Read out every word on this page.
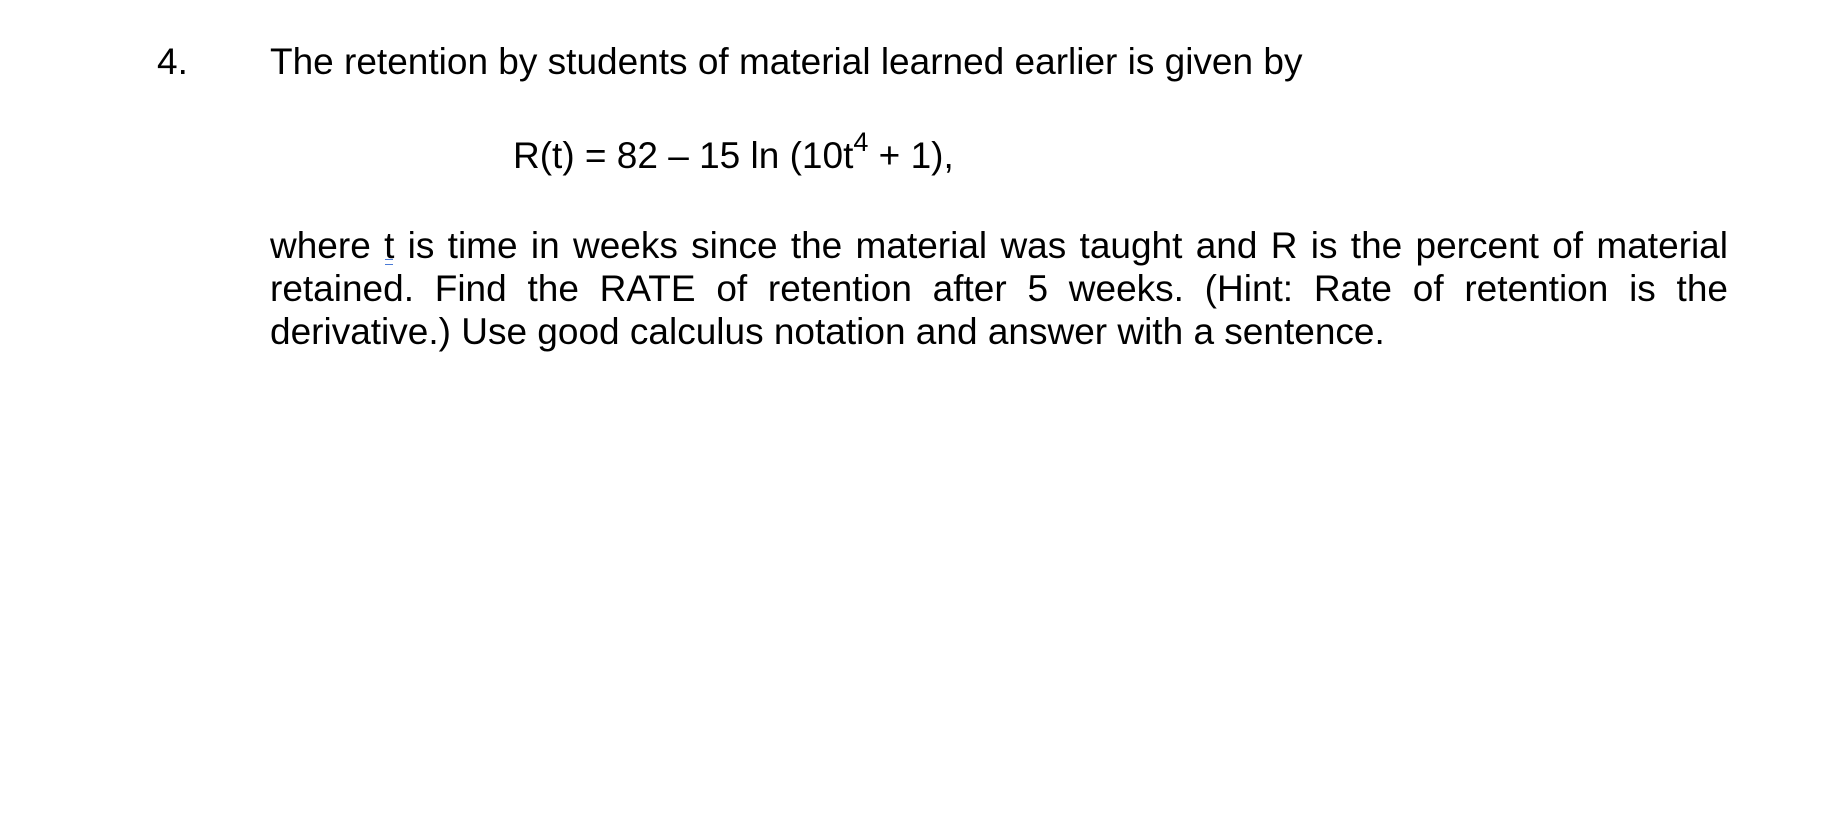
4. The retention by students of material learned earlier is given by
R(t) = 82 – 15 $\ln (10t^4 + 1)$,
where t
is time in weeks since the material was taught and R is the percent of material retained. Find the RATE of retention after 5 weeks. (Hint: Rate of retention is the derivative.) Use good calculus notation and answer with a sentence.
